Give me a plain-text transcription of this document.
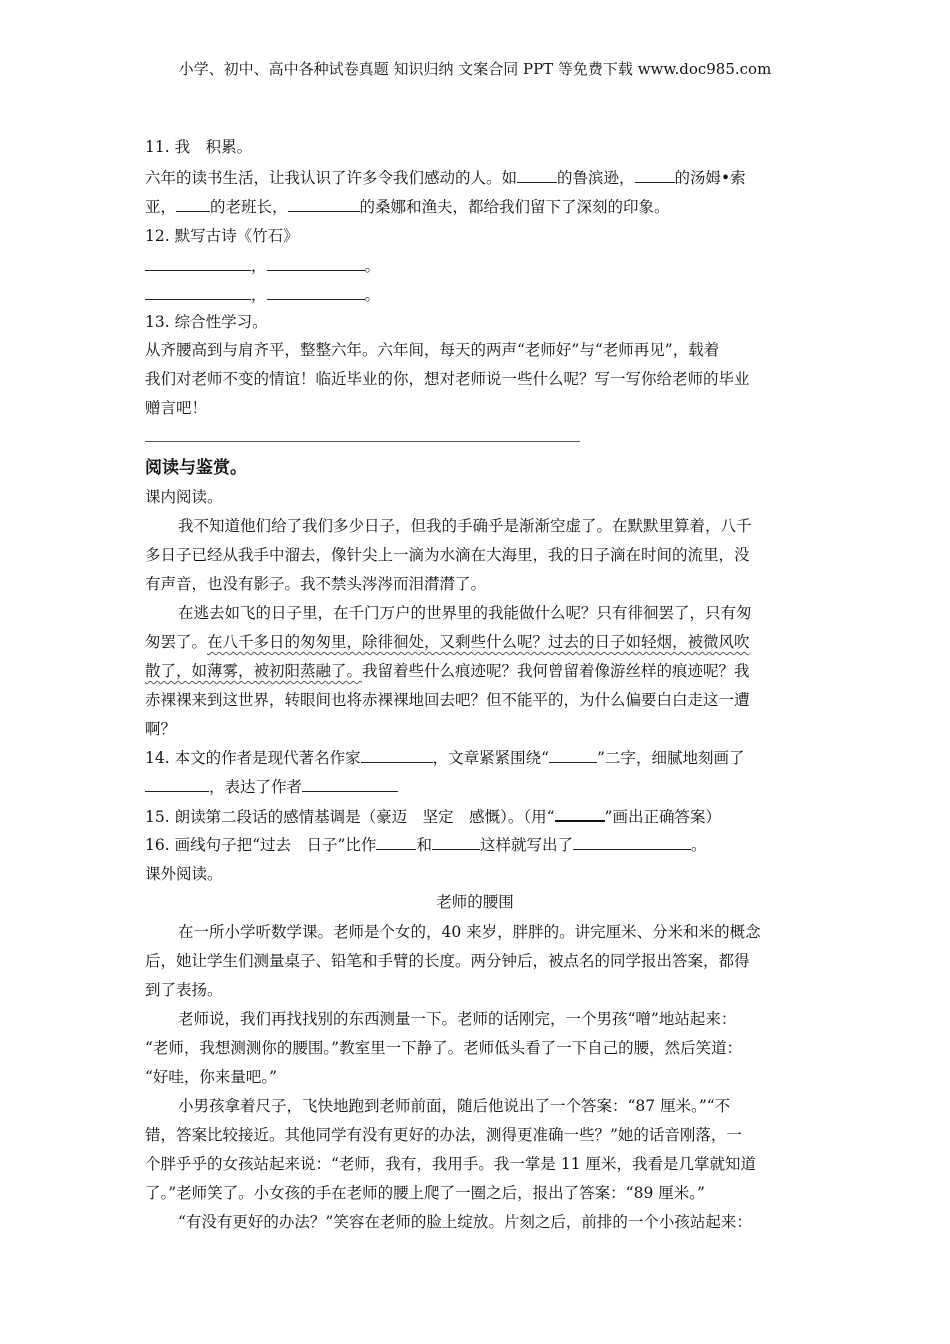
小学、初中、高中各种试卷真题 知识归纳 文案合同 PPT 等免费下载 www.doc985.com
11. 我　积累。
六年的读书生活，让我认识了许多令我们感动的人。如	的鲁滨逊，	的汤姆•索
亚， 的老班长，	的桑娜和渔夫，都给我们留下了深刻的印象。
12. 默写古诗《竹石》
，	。
，	。
13. 综合性学习。
从齐腰高到与肩齐平，整整六年。六年间，每天的两声“老师好”与“老师再见”，载着
我们对老师不变的情谊！临近毕业的你，想对老师说一些什么呢？写一写你给老师的毕业
赠言吧！
阅读与鉴赏。
课内阅读。
我不知道他们给了我们多少日子，但我的手确乎是渐渐空虚了。在默默里算着，八千
多日子已经从我手中溜去，像针尖上一滴为水滴在大海里，我的日子滴在时间的流里，没
有声音，也没有影子。我不禁头涔涔而泪潸潸了。
在逃去如飞的日子里，在千门万户的世界里的我能做什么呢？只有徘徊罢了，只有匆
匆罢了。在八千多日的匆匆里，除徘徊处，又剩些什么呢？过去的日子如轻烟，被微风吹
散了，如薄雾，被初阳蒸融了。我留着些什么痕迹呢？我何曾留着像游丝样的痕迹呢？我
赤裸裸来到这世界，转眼间也将赤裸裸地回去吧？但不能平的，为什么偏要白白走这一遭
啊？
14. 本文的作者是现代著名作家	，文章紧紧围绕“	”二字，细腻地刻画了
，表达了作者
15. 朗读第二段话的感情基调是（豪迈　坚定　感慨）。（用“	”画出正确答案）
16. 画线句子把“过去　日子”比作	和	这样就写出了	。
课外阅读。
老师的腰围
在一所小学听数学课。老师是个女的，40 来岁，胖胖的。讲完厘米、分米和米的概念
后，她让学生们测量桌子、铅笔和手臂的长度。两分钟后，被点名的同学报出答案，都得
到了表扬。
老师说，我们再找找别的东西测量一下。老师的话刚完，一个男孩“噌”地站起来：
“老师，我想测测你的腰围。”教室里一下静了。老师低头看了一下自己的腰，然后笑道：
“好哇，你来量吧。”
小男孩拿着尺子，飞快地跑到老师前面，随后他说出了一个答案：“87 厘米。”“不
错，答案比较接近。其他同学有没有更好的办法，测得更准确一些？”她的话音刚落，一
个胖乎乎的女孩站起来说：“老师，我有，我用手。我一掌是 11 厘米，我看是几掌就知道
了。”老师笑了。小女孩的手在老师的腰上爬了一圈之后，报出了答案：“89 厘米。”
“有没有更好的办法？”笑容在老师的脸上绽放。片刻之后，前排的一个小孩站起来：
